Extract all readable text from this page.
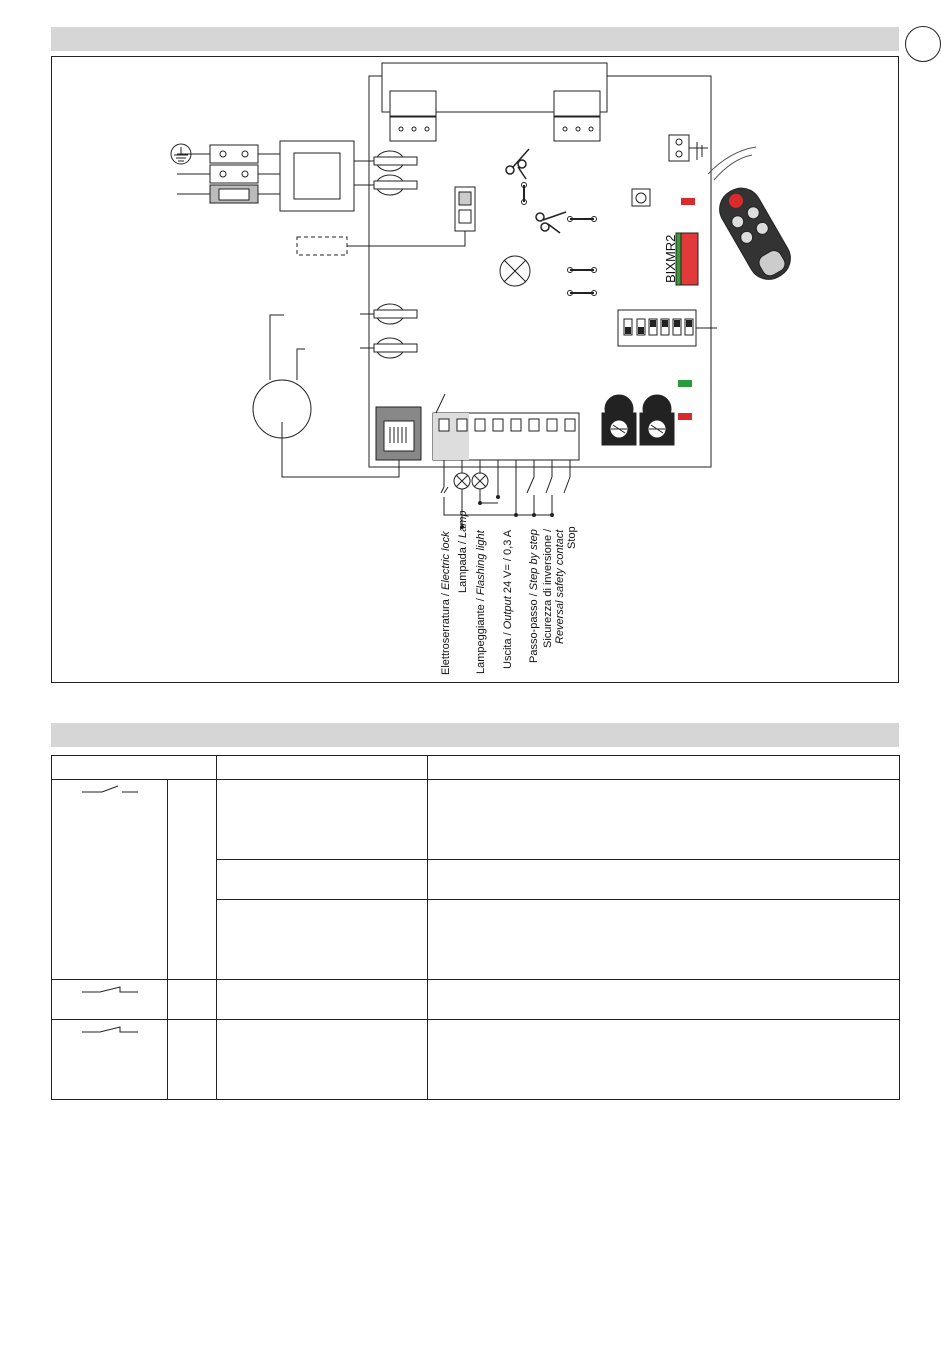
BIXMR2
Elettroserratura / Electric lock Lampada / Lamp
Lampeggiante / Flashing light
Uscita / Output 24 V= / 0,3 A
Passo-passo / Step by step Sicurezza di inversione / Reversal safety contact Stop
